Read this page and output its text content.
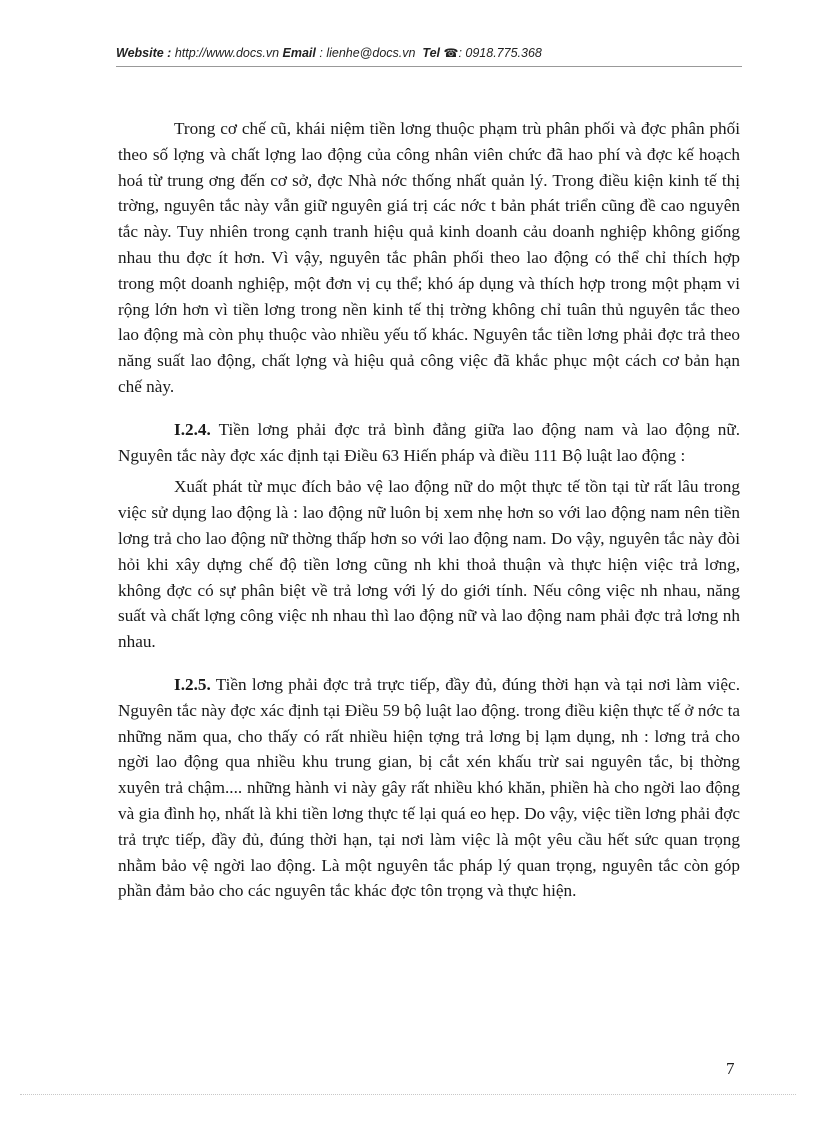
Website : http://www.docs.vn Email : lienhe@docs.vn Tel ☎: 0918.775.368

Trong cơ chế cũ, khái niệm tiền lơng thuộc phạm trù phân phối và đợc phân phối theo số lợng và chất lợng lao động của công nhân viên chức đã hao phí và đợc kế hoạch hoá từ trung ơng đến cơ sở, đợc Nhà nớc thống nhất quản lý. Trong điều kiện kinh tế thị trờng, nguyên tắc này vẫn giữ nguyên giá trị các nớc t bản phát triển cũng đề cao nguyên tắc này. Tuy nhiên trong cạnh tranh hiệu quả kinh doanh cảu doanh nghiệp không giống nhau thu đợc ít hơn. Vì vậy, nguyên tắc phân phối theo lao động có thể chỉ thích hợp trong một doanh nghiệp, một đơn vị cụ thể; khó áp dụng và thích hợp trong một phạm vi rộng lớn hơn vì tiền lơng trong nền kinh tế thị trờng không chỉ tuân thủ nguyên tắc theo lao động mà còn phụ thuộc vào nhiều yếu tố khác. Nguyên tắc tiền lơng phải đợc trả theo năng suất lao động, chất lợng và hiệu quả công việc đã khắc phục một cách cơ bản hạn chế này.

I.2.4. Tiền lơng phải đợc trả bình đẳng giữa lao động nam và lao động nữ. Nguyên tắc này đợc xác định tại Điều 63 Hiến pháp và điều 111 Bộ luật lao động :

Xuất phát từ mục đích bảo vệ lao động nữ do một thực tế tồn tại từ rất lâu trong việc sử dụng lao động là : lao động nữ luôn bị xem nhẹ hơn so với lao động nam nên tiền lơng trả cho lao động nữ thờng thấp hơn so với lao động nam. Do vậy, nguyên tắc này đòi hỏi khi xây dựng chế độ tiền lơng cũng nh khi thoả thuận và thực hiện việc trả lơng, không đợc có sự phân biệt về trả lơng với lý do giới tính. Nếu công việc nh nhau, năng suất và chất lợng công việc nh nhau thì lao động nữ và lao động nam phải đợc trả lơng nh nhau.

I.2.5. Tiền lơng phải đợc trả trực tiếp, đầy đủ, đúng thời hạn và tại nơi làm việc. Nguyên tắc này đợc xác định tại Điều 59 bộ luật lao động. trong điều kiện thực tế ở nớc ta những năm qua, cho thấy có rất nhiều hiện tợng trả lơng bị lạm dụng, nh : lơng trả cho ngời lao động qua nhiều khu trung gian, bị cắt xén khấu trừ sai nguyên tắc, bị thờng xuyên trả chậm.... những hành vi này gây rất nhiều khó khăn, phiền hà cho ngời lao động và gia đình họ, nhất là khi tiền lơng thực tế lại quá eo hẹp. Do vậy, việc tiền lơng phải đợc trả trực tiếp, đầy đủ, đúng thời hạn, tại nơi làm việc là một yêu cầu hết sức quan trọng nhằm bảo vệ ngời lao động. Là một nguyên tắc pháp lý quan trọng, nguyên tắc còn góp phần đảm bảo cho các nguyên tắc khác đợc tôn trọng và thực hiện.

7
